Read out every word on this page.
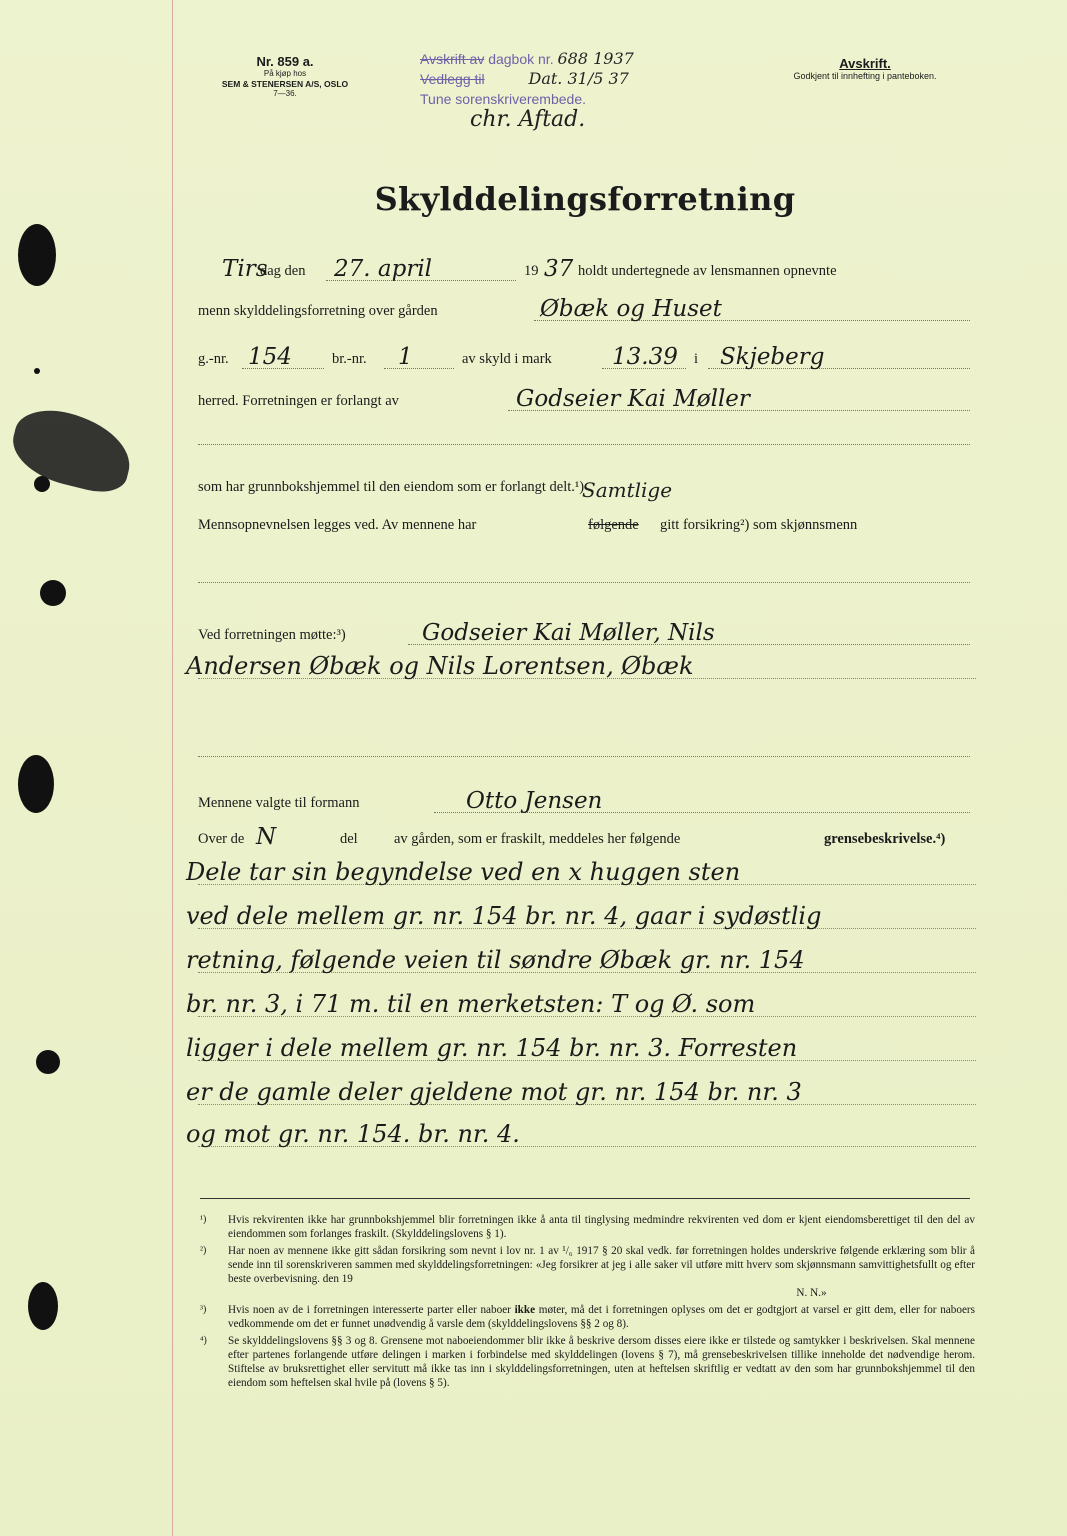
Nr. 859 a.
På kjøp hos
SEM & STENERSEN A/S, OSLO
7—36.
Avskrift av dagbok nr. 688 1937
Vedlegg til	Dat. 31/5 37
Tune sorenskriverembede.
chr. Aftad.
Avskrift.
Godkjent til innhefting i panteboken.
Skylddelingsforretning
Tirs
dag den 27. april	19 37 holdt undertegnede av lensmannen opnevnte
menn skylddelingsforretning over gården	Øbæk og Huset
g.-nr. 154	br.-nr. 1	av skyld i mark	13.39 i Skjeberg
herred. Forretningen er forlangt av	Godseier Kai Møller
som har grunnbokshjemmel til den eiendom som er forlangt delt.¹)
Samtlige
Mennsopnevnelsen legges ved. Av mennene har	følgende gitt forsikring²) som skjønnsmenn
Ved forretningen møtte:³)	Godseier Kai Møller, Nils
Andersen Øbæk og Nils Lorentsen, Øbæk
Mennene valgte til formann	Otto Jensen
Over de N	del	av gården, som er fraskilt, meddeles her følgende	grensebeskrivelse.⁴)
Dele tar sin begyndelse ved en x huggen sten
ved dele mellem gr. nr. 154 br. nr. 4, gaar i sydøstlig
retning, følgende veien til søndre Øbæk gr. nr. 154
br. nr. 3, i 71 m. til en merketsten: T og Ø. som
ligger i dele mellem gr. nr. 154 br. nr. 3. Forresten
er de gamle deler gjeldene mot gr. nr. 154 br. nr. 3
og mot gr. nr. 154. br. nr. 4.
¹) Hvis rekvirenten ikke har grunnbokshjemmel blir forretningen ikke å anta til tinglysing medmindre rekvirenten ved dom er kjent eiendomsberettiget til den del av eiendommen som forlanges fraskilt. (Skylddelingslovens § 1).

²) Har noen av mennene ikke gitt sådan forsikring som nevnt i lov nr. 1 av ¹/₆ 1917 § 20 skal vedk. før forretningen holdes underskrive følgende erklæring som blir å sende inn til sorenskriveren sammen med skylddelingsforretningen: «Jeg forsikrer at jeg i alle saker vil utføre mitt hverv som skjønnsmann samvittighetsfullt og efter beste overbevisning. den 19

N. N.»

³) Hvis noen av de i forretningen interesserte parter eller naboer ikke møter, må det i forretningen oplyses om det er godtgjort at varsel er gitt dem, eller for naboers vedkommende om det er funnet unødvendig å varsle dem (skylddelingslovens §§ 2 og 8).

⁴) Se skylddelingslovens §§ 3 og 8. Grensene mot naboeiendommer blir ikke å beskrive dersom disses eiere ikke er tilstede og samtykker i beskrivelsen. Skal mennene efter partenes forlangende utføre delingen i marken i forbindelse med skylddelingen (lovens § 7), må grensebeskrivelsen tillike inneholde det nødvendige herom. Stiftelse av bruksrettighet eller servitutt må ikke tas inn i skylddelingsforretningen, uten at heftelsen skriftlig er vedtatt av den som har grunnbokshjemmel til den eiendom som heftelsen skal hvile på (lovens § 5).
